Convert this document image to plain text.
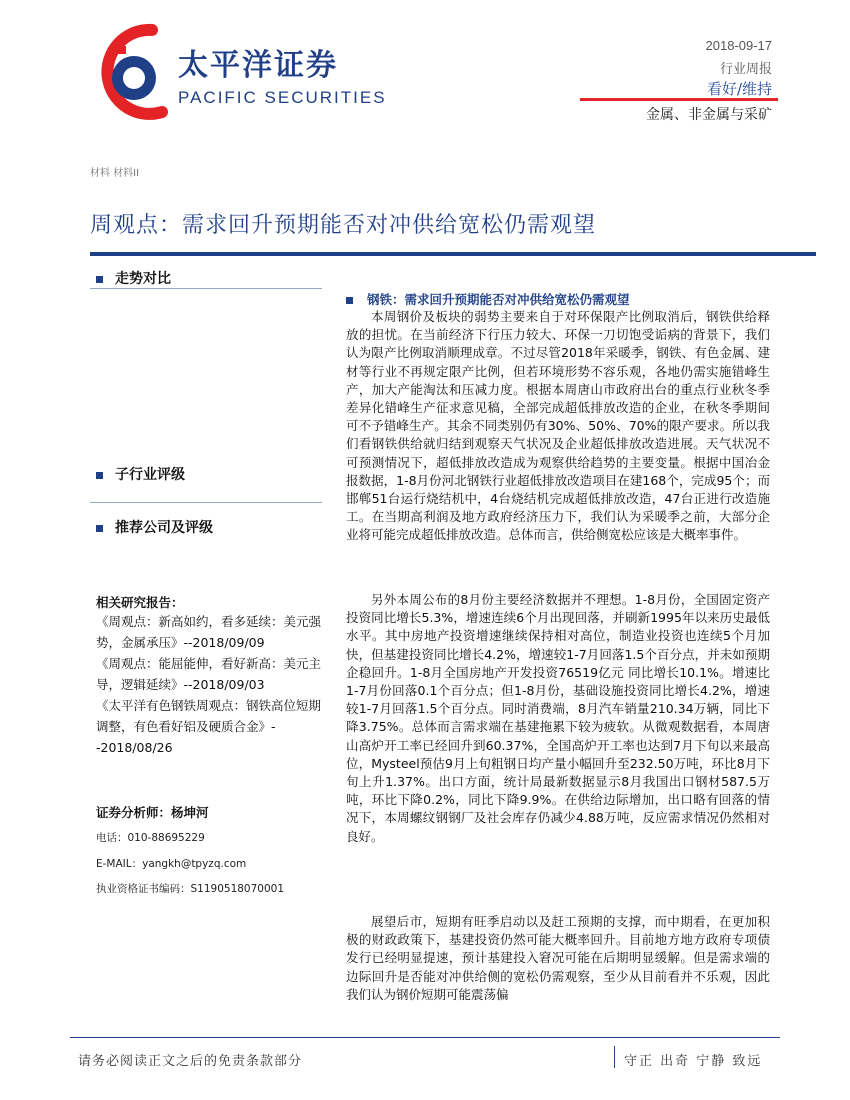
太平洋证券
PACIFIC SECURITIES
2018-09-17
行业周报
看好/维持
金属、非金属与采矿
材料 材料II
周观点：需求回升预期能否对冲供给宽松仍需观望
走势对比
子行业评级
推荐公司及评级
相关研究报告：
《周观点：新高如约，看多延续：美元强势，金属承压》--2018/09/09
《周观点：能屈能伸，看好新高：美元主导，逻辑延续》--2018/09/03
《太平洋有色钢铁周观点：钢铁高位短期调整，有色看好铝及硬质合金》--2018/08/26
证券分析师：杨坤河
电话：010-88695229
E-MAIL：yangkh@tpyzq.com
执业资格证书编码：S1190518070001
钢铁：需求回升预期能否对冲供给宽松仍需观望

本周钢价及板块的弱势主要来自于对环保限产比例取消后，钢铁供给释放的担忧。在当前经济下行压力较大、环保一刀切饱受诟病的背景下，我们认为限产比例取消顺理成章。不过尽管2018年采暖季，钢铁、有色金属、建材等行业不再规定限产比例，但若环境形势不容乐观，各地仍需实施错峰生产，加大产能淘汰和压减力度。根据本周唐山市政府出台的重点行业秋冬季差异化错峰生产征求意见稿，全部完成超低排放改造的企业，在秋冬季期间可不予错峰生产。其余不同类别仍有30%、50%、70%的限产要求。所以我们看钢铁供给就归结到观察天气状况及企业超低排放改造进展。天气状况不可预测情况下，超低排放改造成为观察供给趋势的主要变量。根据中国冶金报数据，1-8月份河北钢铁行业超低排放改造项目在建168个，完成95个；而邯郸51台运行烧结机中，4台烧结机完成超低排放改造，47台正进行改造施工。在当期高利润及地方政府经济压力下，我们认为采暖季之前，大部分企业将可能完成超低排放改造。总体而言，供给侧宽松应该是大概率事件。

另外本周公布的8月份主要经济数据并不理想。1-8月份，全国固定资产投资同比增长5.3%，增速连续6个月出现回落，并刷新1995年以来历史最低水平。其中房地产投资增速继续保持相对高位，制造业投资也连续5个月加快，但基建投资同比增长4.2%，增速较1-7月回落1.5个百分点，并未如预期企稳回升。1-8月全国房地产开发投资76519亿元 同比增长10.1%。增速比1-7月份回落0.1个百分点；但1-8月份，基础设施投资同比增长4.2%，增速较1-7月回落1.5个百分点。同时消费端，8月汽车销量210.34万辆，同比下降3.75%。总体而言需求端在基建拖累下较为疲软。从微观数据看，本周唐山高炉开工率已经回升到60.37%，全国高炉开工率也达到7月下旬以来最高位，Mysteel预估9月上旬粗钢日均产量小幅回升至232.50万吨，环比8月下旬上升1.37%。出口方面，统计局最新数据显示8月我国出口钢材587.5万吨，环比下降0.2%，同比下降9.9%。在供给边际增加，出口略有回落的情况下，本周螺纹钢钢厂及社会库存仍减少4.88万吨，反应需求情况仍然相对良好。

展望后市，短期有旺季启动以及赶工预期的支撑，而中期看，在更加积极的财政政策下，基建投资仍然可能大概率回升。目前地方地方政府专项债发行已经明显提速，预计基建投入窘况可能在后期明显缓解。但是需求端的边际回升是否能对冲供给侧的宽松仍需观察，至少从目前看并不乐观，因此我们认为钢价短期可能震荡偏

请务必阅读正文之后的免责条款部分	守正 出奇 宁静 致远
